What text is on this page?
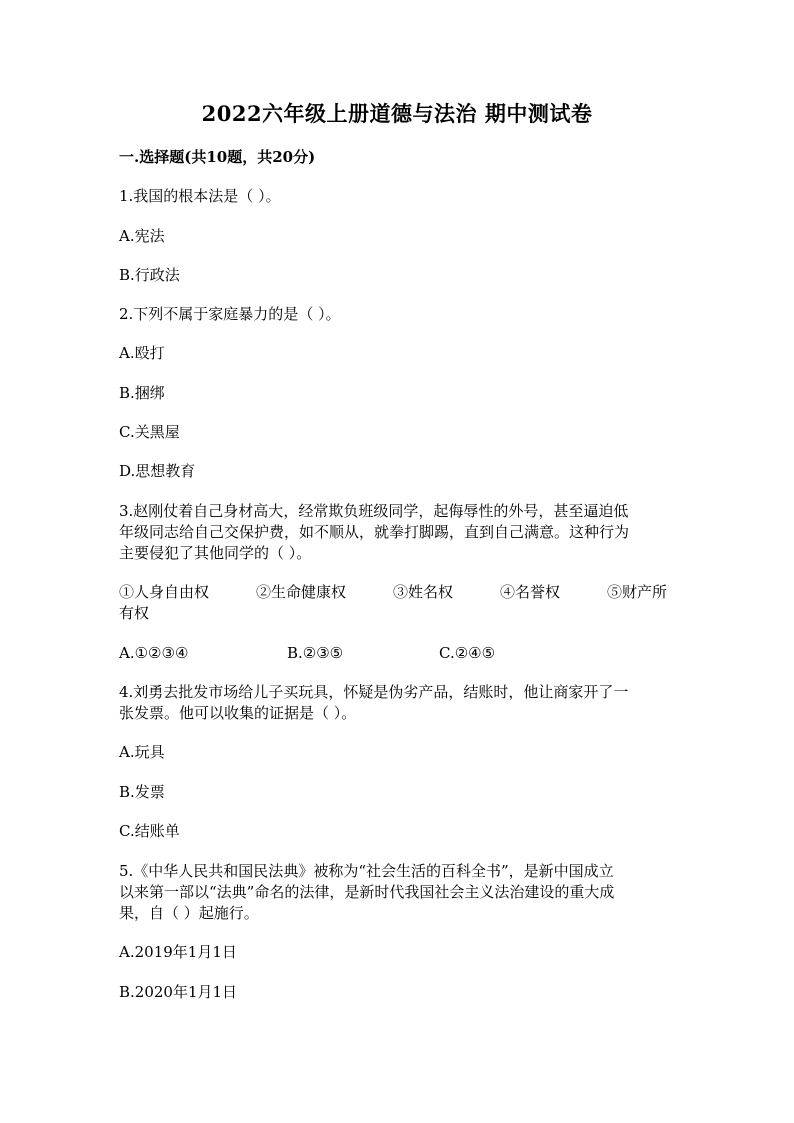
2022六年级上册道德与法治 期中测试卷
一.选择题(共10题，共20分)
1.我国的根本法是（ ）。
A.宪法
B.行政法
2.下列不属于家庭暴力的是（ ）。
A.殴打
B.捆绑
C.关黑屋
D.思想教育
3.赵刚仗着自己身材高大，经常欺负班级同学，起侮辱性的外号，甚至逼迫低
年级同志给自己交保护费，如不顺从，就拳打脚踢，直到自己满意。这种行为
主要侵犯了其他同学的（ ）。
①人身自由权	②生命健康权	③姓名权	④名誉权	⑤财产所
有权
A.①②③④	B.②③⑤	C.②④⑤
4.刘勇去批发市场给儿子买玩具，怀疑是伪劣产品，结账时，他让商家开了一
张发票。他可以收集的证据是（ ）。
A.玩具
B.发票
C.结账单
5.《中华人民共和国民法典》被称为“社会生活的百科全书”，是新中国成立
以来第一部以“法典”命名的法律，是新时代我国社会主义法治建设的重大成
果，自（ ）起施行。
A.2019年1月1日
B.2020年1月1日
